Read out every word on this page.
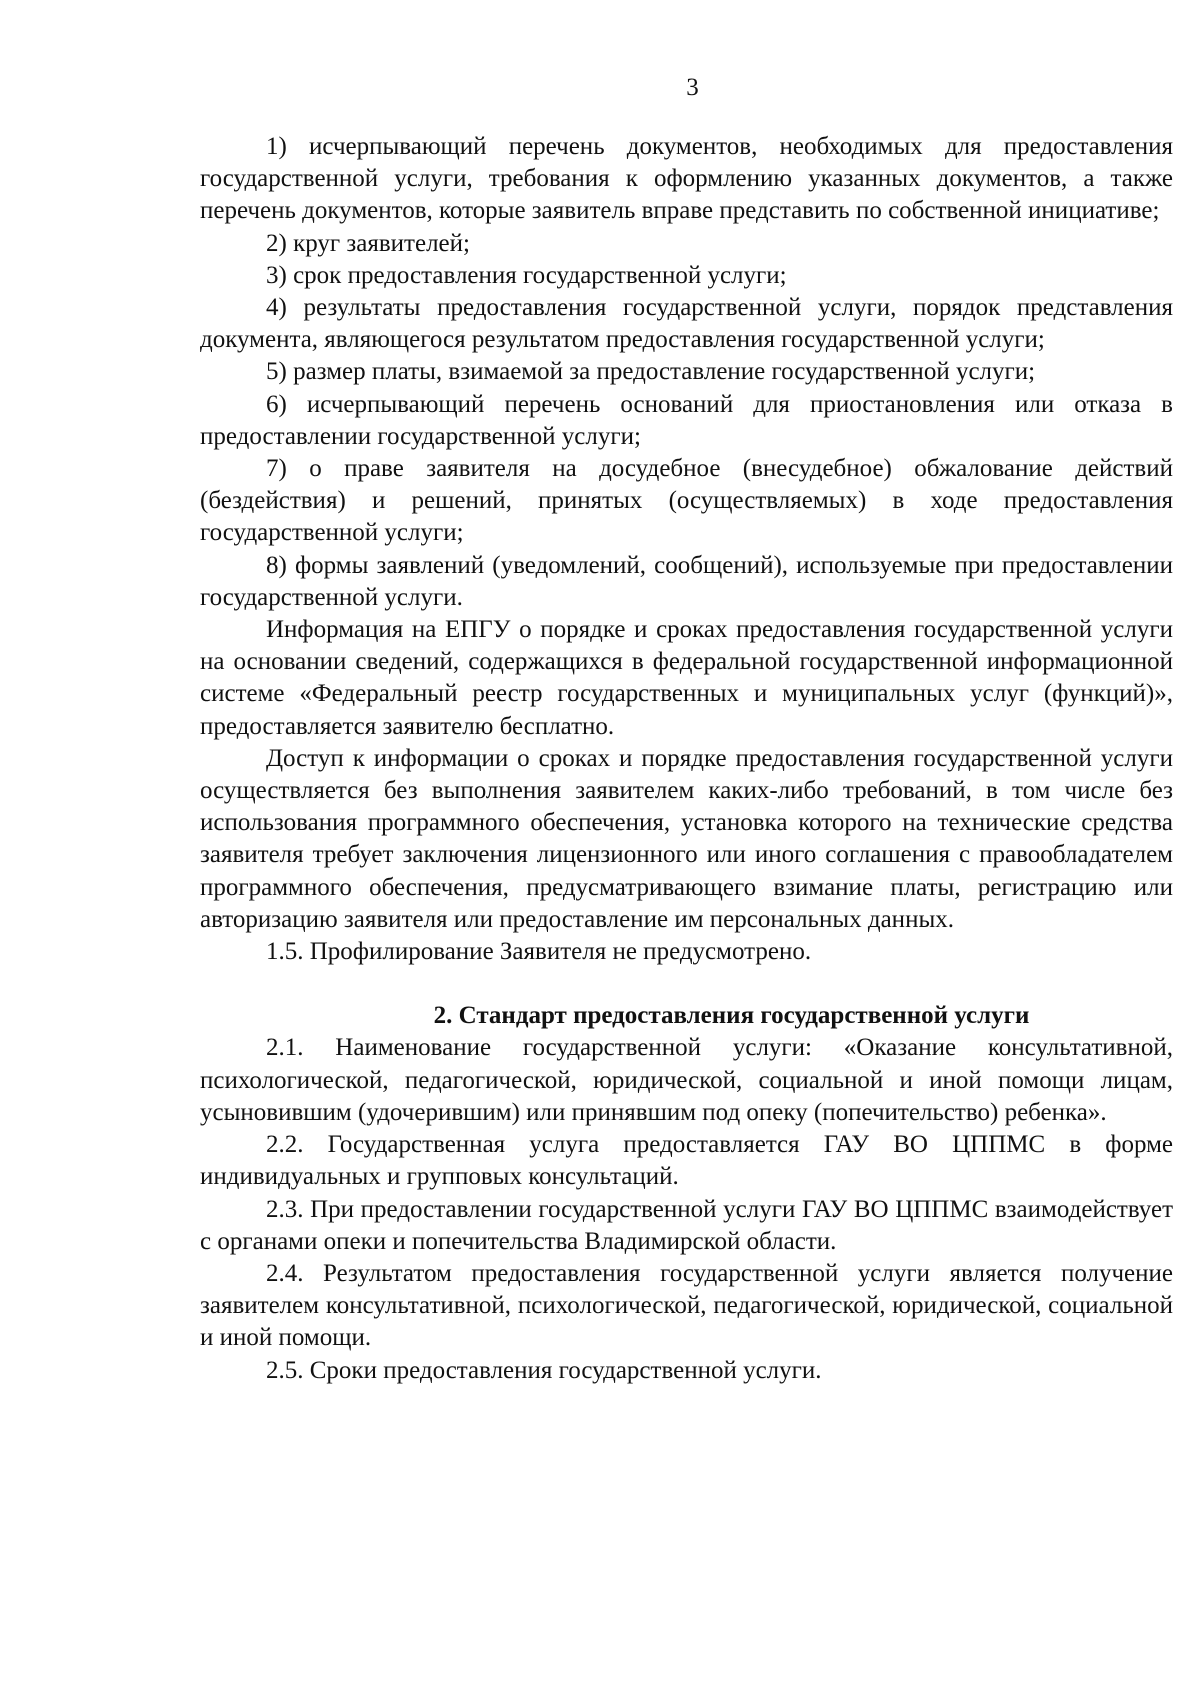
3

1) исчерпывающий перечень документов, необходимых для предоставления государственной услуги, требования к оформлению указанных документов, а также перечень документов, которые заявитель вправе представить по собственной инициативе;

2) круг заявителей;

3) срок предоставления государственной услуги;

4) результаты предоставления государственной услуги, порядок представления документа, являющегося результатом предоставления государственной услуги;

5) размер платы, взимаемой за предоставление государственной услуги;

6) исчерпывающий перечень оснований для приостановления или отказа в предоставлении государственной услуги;

7) о праве заявителя на досудебное (внесудебное) обжалование действий (бездействия) и решений, принятых (осуществляемых) в ходе предоставления государственной услуги;

8) формы заявлений (уведомлений, сообщений), используемые при предоставлении государственной услуги.

Информация на ЕПГУ о порядке и сроках предоставления государственной услуги на основании сведений, содержащихся в федеральной государственной информационной системе «Федеральный реестр государственных и муниципальных услуг (функций)», предоставляется заявителю бесплатно.

Доступ к информации о сроках и порядке предоставления государственной услуги осуществляется без выполнения заявителем каких-либо требований, в том числе без использования программного обеспечения, установка которого на технические средства заявителя требует заключения лицензионного или иного соглашения с правообладателем программного обеспечения, предусматривающего взимание платы, регистрацию или авторизацию заявителя или предоставление им персональных данных.

1.5. Профилирование Заявителя не предусмотрено.

2. Стандарт предоставления государственной услуги

2.1. Наименование государственной услуги: «Оказание консультативной, психологической, педагогической, юридической, социальной и иной помощи лицам, усыновившим (удочерившим) или принявшим под опеку (попечительство) ребенка».

2.2. Государственная услуга предоставляется ГАУ ВО ЦППМС в форме индивидуальных и групповых консультаций.

2.3. При предоставлении государственной услуги ГАУ ВО ЦППМС взаимодействует с органами опеки и попечительства Владимирской области.

2.4. Результатом предоставления государственной услуги является получение заявителем консультативной, психологической, педагогической, юридической, социальной и иной помощи.

2.5. Сроки предоставления государственной услуги.
